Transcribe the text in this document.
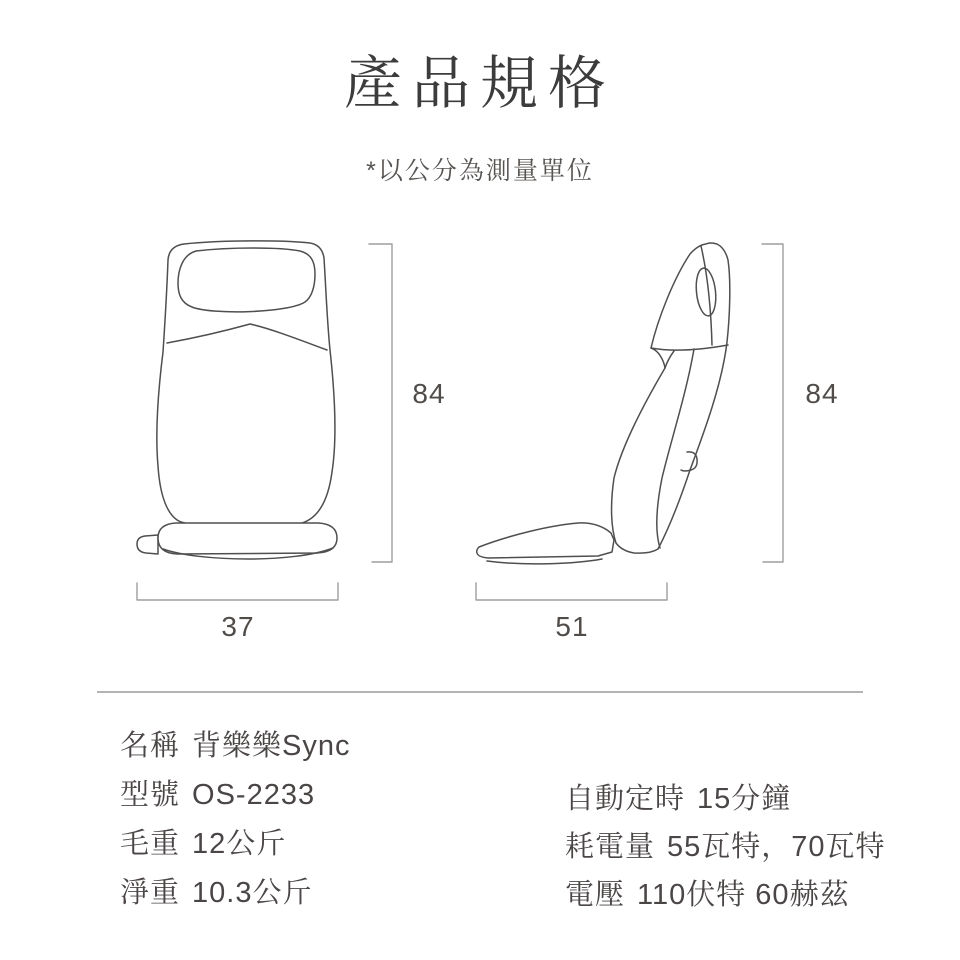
產品規格
*以公分為測量單位
84
37
84
51
名稱 背樂樂Sync
型號 OS-2233
毛重 12公斤
淨重 10.3公斤
自動定時 15分鐘
耗電量 55瓦特，70瓦特
電壓 110伏特 60赫茲
